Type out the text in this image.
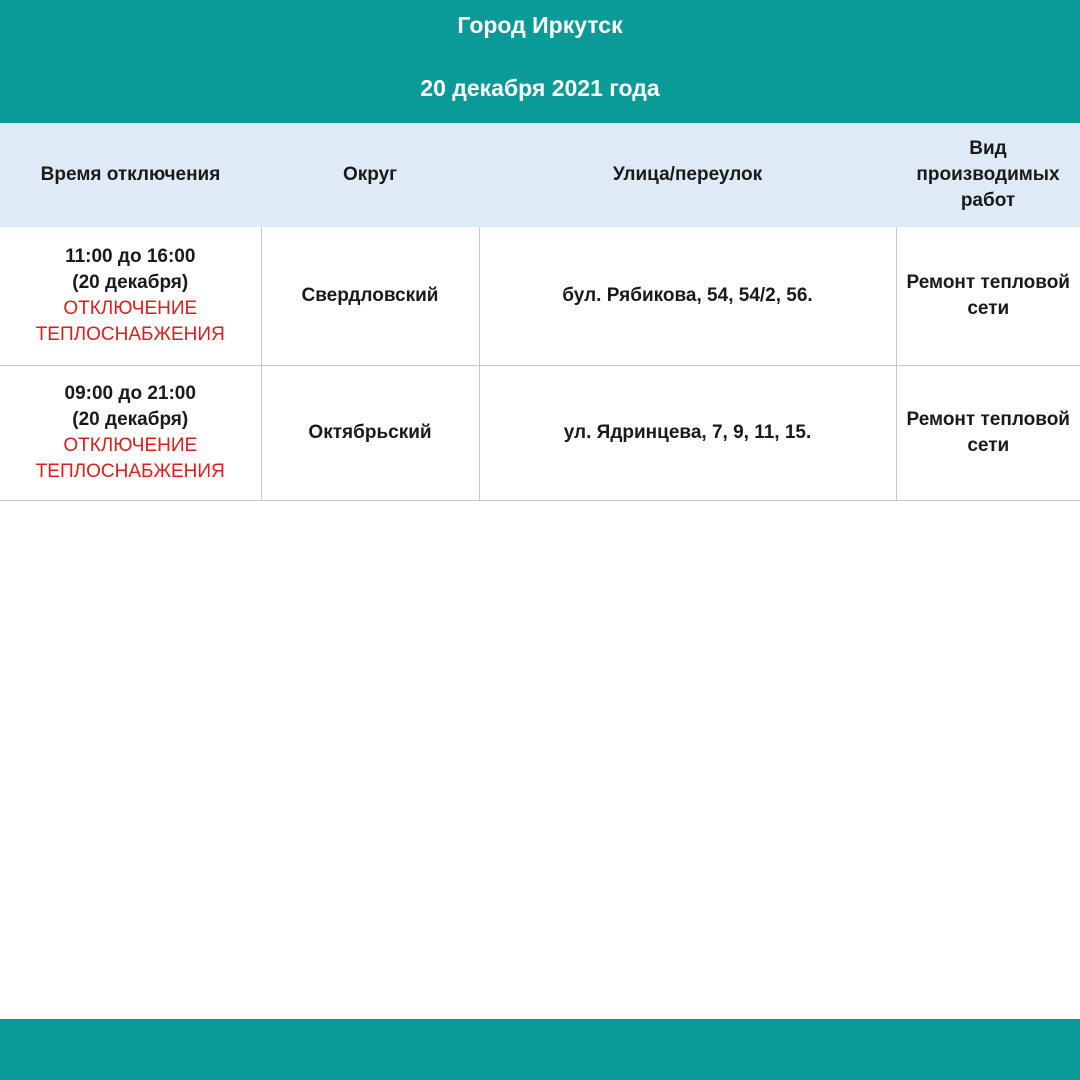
Город Иркутск
20 декабря 2021 года
Время отключения	Округ	Улица/переулок	Вид производимых работ

11:00 до 16:00
(20 декабря)
ОТКЛЮЧЕНИЕ
ТЕПЛОСНАБЖЕНИЯ	Свердловский	бул. Рябикова, 54, 54/2, 56.	Ремонт тепловой сети

09:00 до 21:00
(20 декабря)
ОТКЛЮЧЕНИЕ
ТЕПЛОСНАБЖЕНИЯ	Октябрьский	ул. Ядринцева, 7, 9, 11, 15.	Ремонт тепловой сети
